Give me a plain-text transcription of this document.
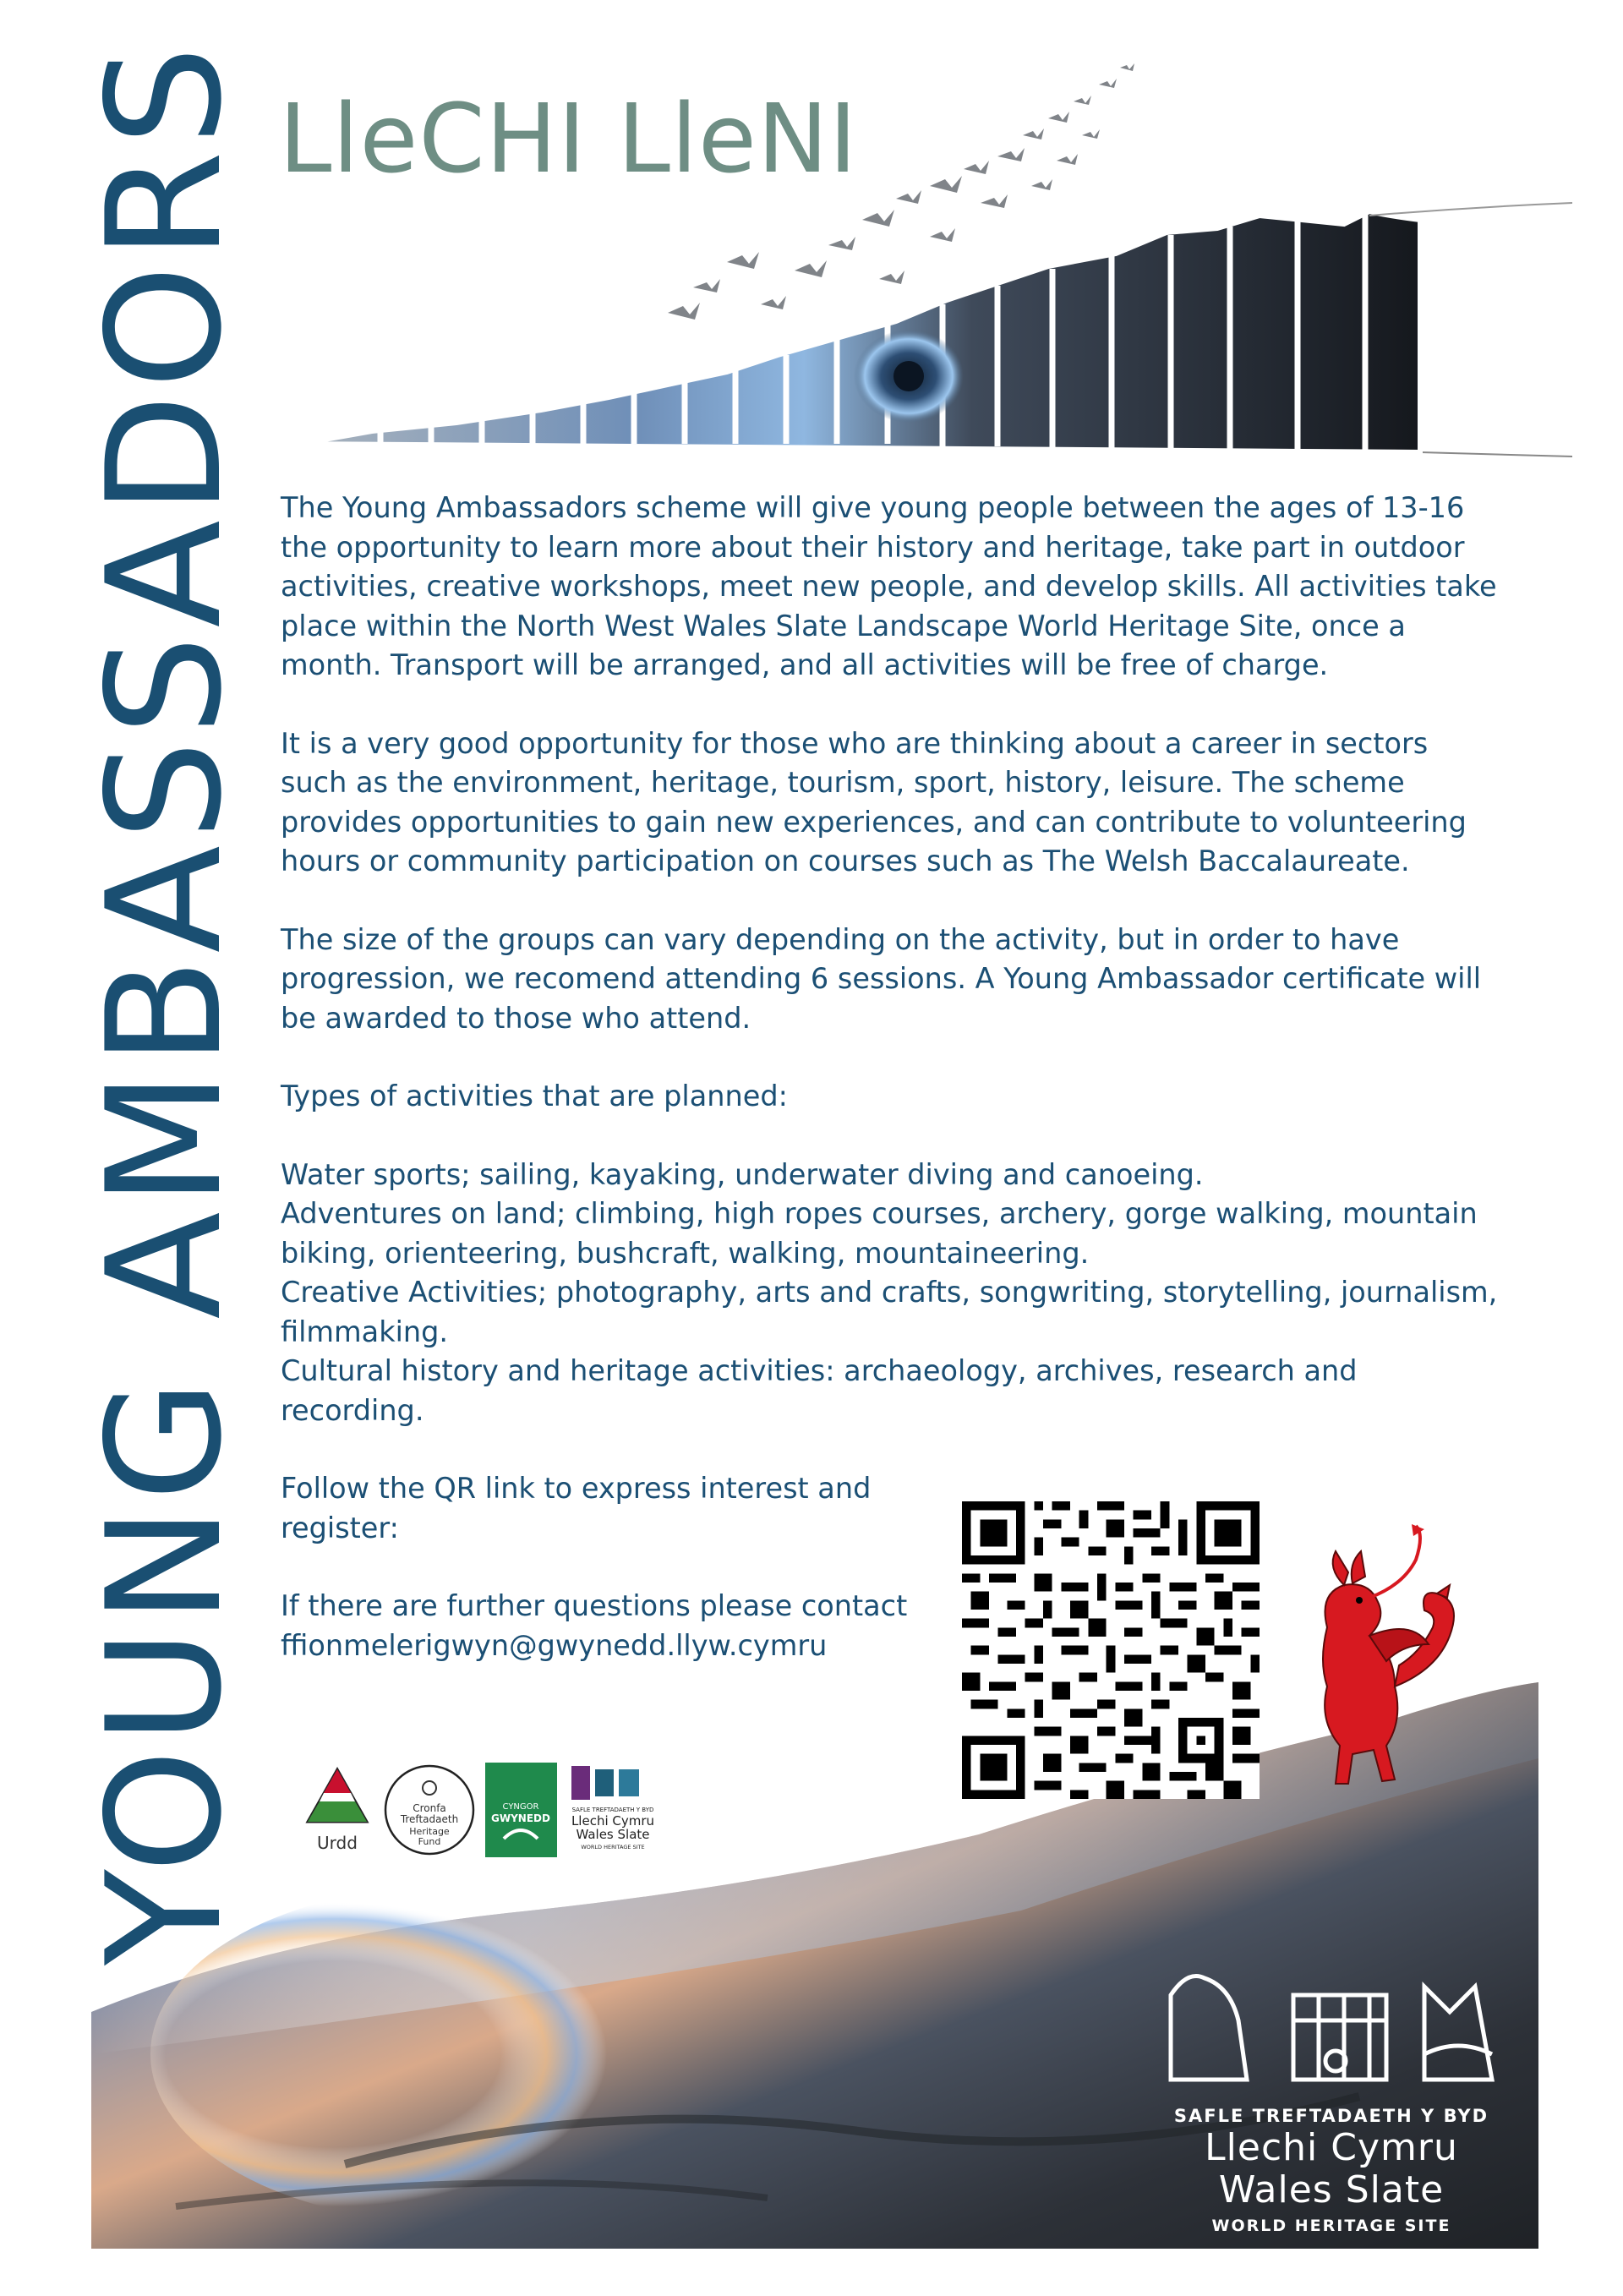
YOUNG AMBASSADORS LleCHI LleNI

The Young Ambassadors scheme will give young people between the ages of 13-16 the opportunity to learn more about their history and heritage, take part in outdoor activities, creative workshops, meet new people, and develop skills. All activities take place within the North West Wales Slate Landscape World Heritage Site, once a month. Transport will be arranged, and all activities will be free of charge.

It is a very good opportunity for those who are thinking about a career in sectors such as the environment, heritage, tourism, sport, history, leisure. The scheme provides opportunities to gain new experiences, and can contribute to volunteering hours or community participation on courses such as The Welsh Baccalaureate.

The size of the groups can vary depending on the activity, but in order to have progression, we recomend attending 6 sessions. A Young Ambassador certificate will be awarded to those who attend.

Types of activities that are planned:

Water sports; sailing, kayaking, underwater diving and canoeing.

Adventures on land; climbing, high ropes courses, archery, gorge walking, mountain biking, orienteering, bushcraft, walking, mountaineering.

Creative Activities; photography, arts and crafts, songwriting, storytelling, journalism, filmmaking.

Cultural history and heritage activities: archaeology, archives, research and recording.

Follow the QR link to express interest and register:

If there are further questions please contact

ffionmelerigwyn@gwynedd.llyw.cymru

Urdd
Cronfa
Treftadaeth
Heritage
Fund
CYNGOR
GWYNEDD
SAFLE TREFTADAETH Y BYD
Llechi Cymru
Wales Slate
WORLD HERITAGE SITE
SAFLE TREFTADAETH Y BYD
Llechi Cymru
Wales Slate
WORLD HERITAGE SITE
